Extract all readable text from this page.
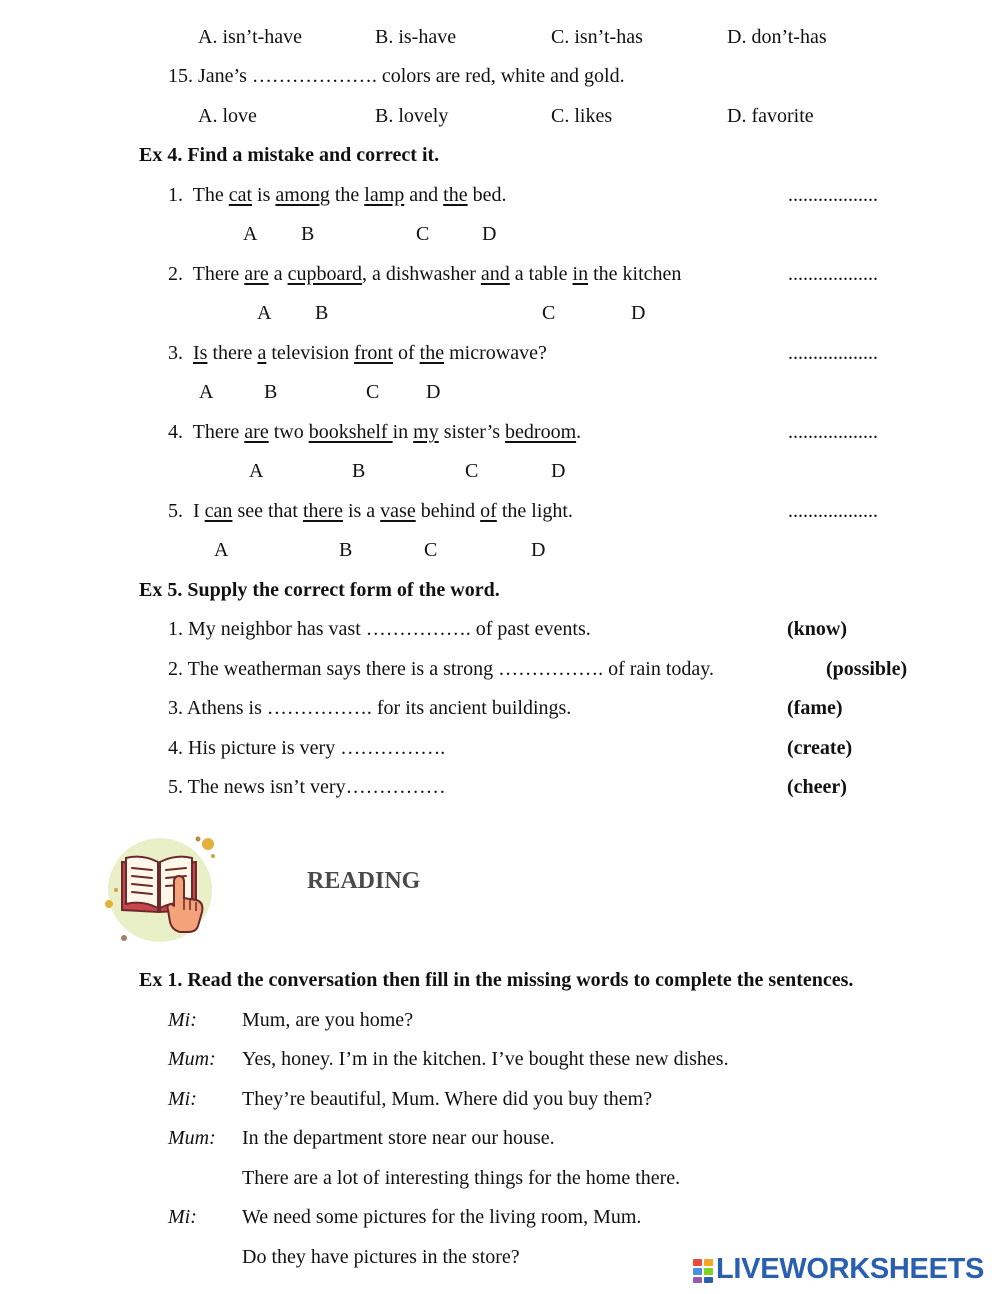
A. isn’t-have	B. is-have	C. isn’t-has	D. don’t-has
15. Jane’s ………………. colors are red, white and gold.
A. love	B. lovely	C. likes	D. favorite
Ex 4. Find a mistake and correct it.
1. The cat is among the lamp and the bed.	..................
A B	C	D
2. There are a cupboard, a dishwasher and a table in the kitchen	..................
A B	C	D
3. Is there a television front of the microwave?	..................
A	B	C D
4. There are two bookshelf in my sister’s bedroom.	..................
A	B	C	D
5. I can see that there is a vase behind of the light.	..................
A	B	C	D
Ex 5. Supply the correct form of the word.
1. My neighbor has vast ……………. of past events.	(know)
2. The weatherman says there is a strong ……………. of rain today.	(possible)
3. Athens is ……………. for its ancient buildings.	(fame)
4. His picture is very …………….	(create)
5. The news isn’t very……………	(cheer)
READING
Ex 1. Read the conversation then fill in the missing words to complete the sentences.
Mi: Mum, are you home?
Mum: Yes, honey. I’m in the kitchen. I’ve bought these new dishes.
Mi: They’re beautiful, Mum. Where did you buy them?
Mum: In the department store near our house.
There are a lot of interesting things for the home there.
Mi: We need some pictures for the living room, Mum.
Do they have pictures in the store?	LIVEWORKSHEETS
